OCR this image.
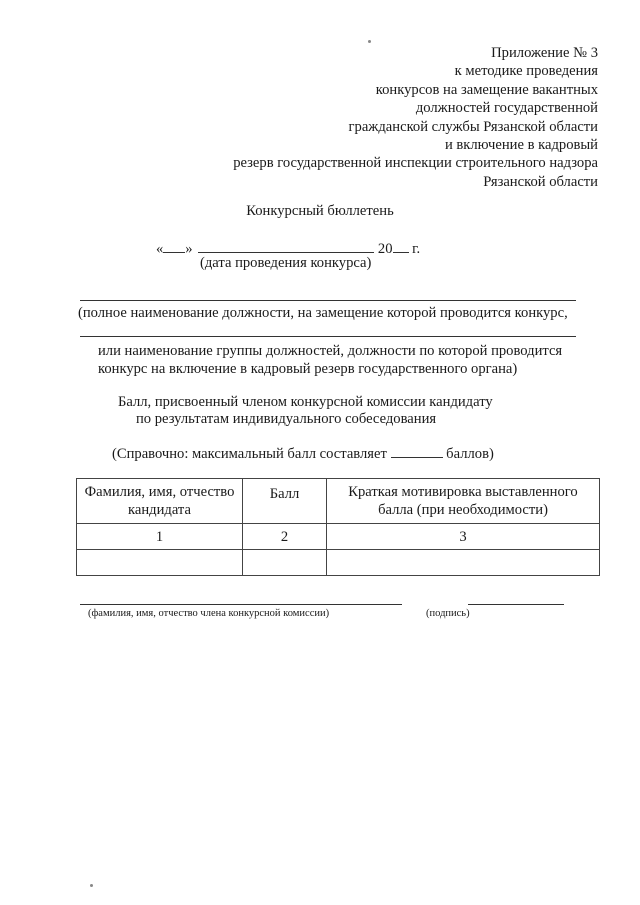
Приложение № 3
к методике проведения
конкурсов на замещение вакантных
должностей государственной
гражданской службы Рязанской области
и включение в кадровый
резерв государственной инспекции строительного надзора
Рязанской области
Конкурсный бюллетень
« »	20 г.
(дата проведения конкурса)
(полное наименование должности, на замещение которой проводится конкурс,
или наименование группы должностей, должности по которой проводится
конкурс на включение в кадровый резерв государственного органа)
Балл, присвоенный членом конкурсной комиссии кандидату
по результатам индивидуального собеседования
(Справочно: максимальный балл составляет	баллов)
Фамилия, имя, отчество кандидата	Балл	Краткая мотивировка выставленного балла (при необходимости)
1	2	3

(фамилия, имя, отчество члена конкурсной комиссии)	(подпись)
